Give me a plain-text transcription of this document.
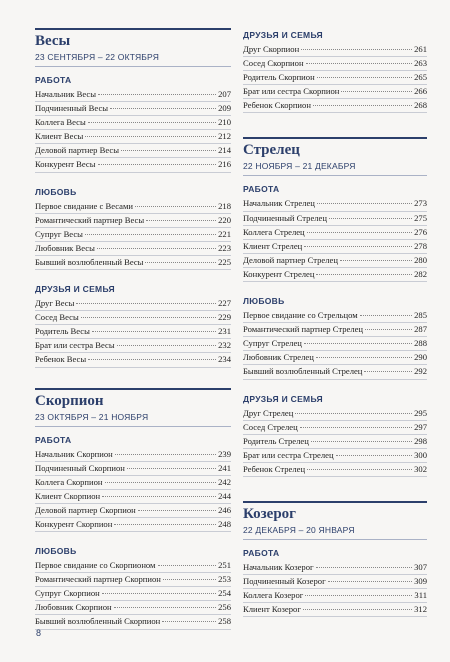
Весы
23 СЕНТЯБРЯ – 22 ОКТЯБРЯ
РАБОТА
Начальник Весы	207
Подчиненный Весы	209
Коллега Весы	210
Клиент Весы	212
Деловой партнер Весы	214
Конкурент Весы	216
ЛЮБОВЬ
Первое свидание с Весами	218
Романтический партнер Весы	220
Супруг Весы	221
Любовник Весы	223
Бывший возлюбленный Весы	225
ДРУЗЬЯ И СЕМЬЯ
Друг Весы	227
Сосед Весы	229
Родитель Весы	231
Брат или сестра Весы	232
Ребенок Весы	234
Скорпион
23 ОКТЯБРЯ – 21 НОЯБРЯ
РАБОТА
Начальник Скорпион	239
Подчиненный Скорпион	241
Коллега Скорпион	242
Клиент Скорпион	244
Деловой партнер Скорпион	246
Конкурент Скорпион	248
ЛЮБОВЬ
Первое свидание со Скорпионом	251
Романтический партнер Скорпион	253
Супруг Скорпион	254
Любовник Скорпион	256
Бывший возлюбленный Скорпион	258
ДРУЗЬЯ И СЕМЬЯ
Друг Скорпион	261
Сосед Скорпион	263
Родитель Скорпион	265
Брат или сестра Скорпион	266
Ребенок Скорпион	268
Стрелец
22 НОЯБРЯ – 21 ДЕКАБРЯ
РАБОТА
Начальник Стрелец	273
Подчиненный Стрелец	275
Коллега Стрелец	276
Клиент Стрелец	278
Деловой партнер Стрелец	280
Конкурент Стрелец	282
ЛЮБОВЬ
Первое свидание со Стрельцом	285
Романтический партнер Стрелец	287
Супруг Стрелец	288
Любовник Стрелец	290
Бывший возлюбленный Стрелец	292
ДРУЗЬЯ И СЕМЬЯ
Друг Стрелец	295
Сосед Стрелец	297
Родитель Стрелец	298
Брат или сестра Стрелец	300
Ребенок Стрелец	302
Козерог
22 ДЕКАБРЯ – 20 ЯНВАРЯ
РАБОТА
Начальник Козерог	307
Подчиненный Козерог	309
Коллега Козерог	311
Клиент Козерог	312
8
